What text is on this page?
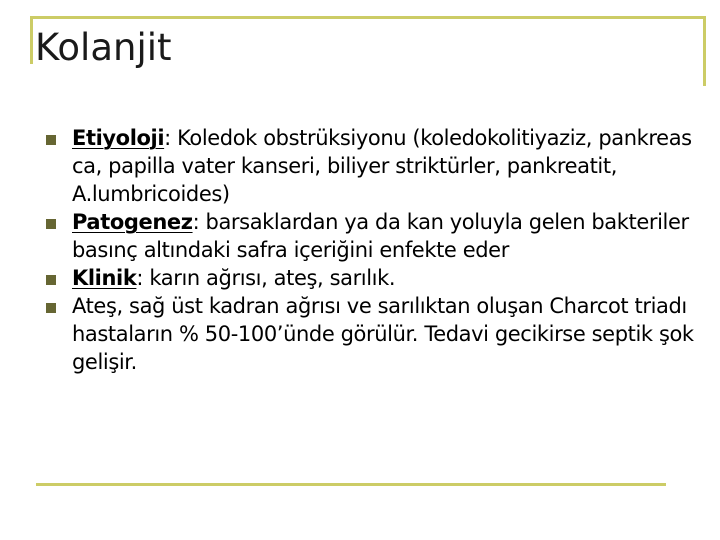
Kolanjit
Etiyoloji: Koledok obstrüksiyonu (koledokolitiyaziz, pankreas ca, papilla vater kanseri, biliyer striktürler, pankreatit, A.lumbricoides)
Patogenez: barsaklardan ya da kan yoluyla gelen bakteriler basınç altındaki safra içeriğini enfekte eder
Klinik: karın ağrısı, ateş, sarılık.
Ateş, sağ üst kadran ağrısı ve sarılıktan oluşan Charcot triadı hastaların % 50-100’ünde görülür. Tedavi gecikirse septik şok gelişir.
